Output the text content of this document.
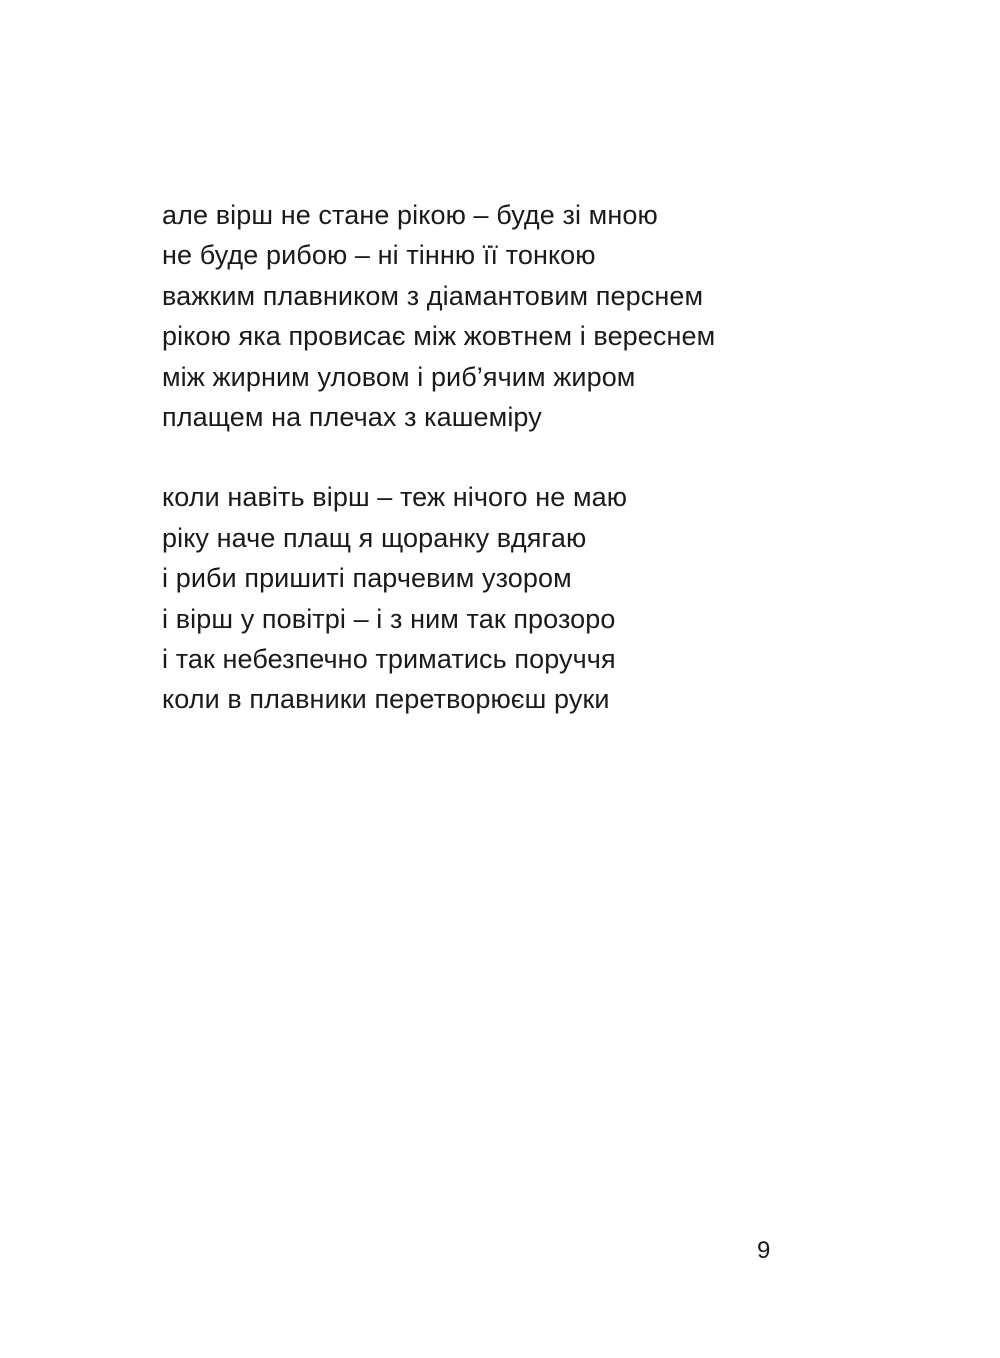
але вірш не стане рікою – буде зі мною
не буде рибою – ні тінню її тонкою
важким плавником з діамантовим перснем
рікою яка провисає між жовтнем і вереснем
між жирним уловом і риб’ячим жиром
плащем на плечах з кашеміру
коли навіть вірш – теж нічого не маю
ріку наче плащ я щоранку вдягаю
і риби пришиті парчевим узором
і вірш у повітрі – і з ним так прозоро
і так небезпечно триматись поруччя
коли в плавники перетворюєш руки
9
